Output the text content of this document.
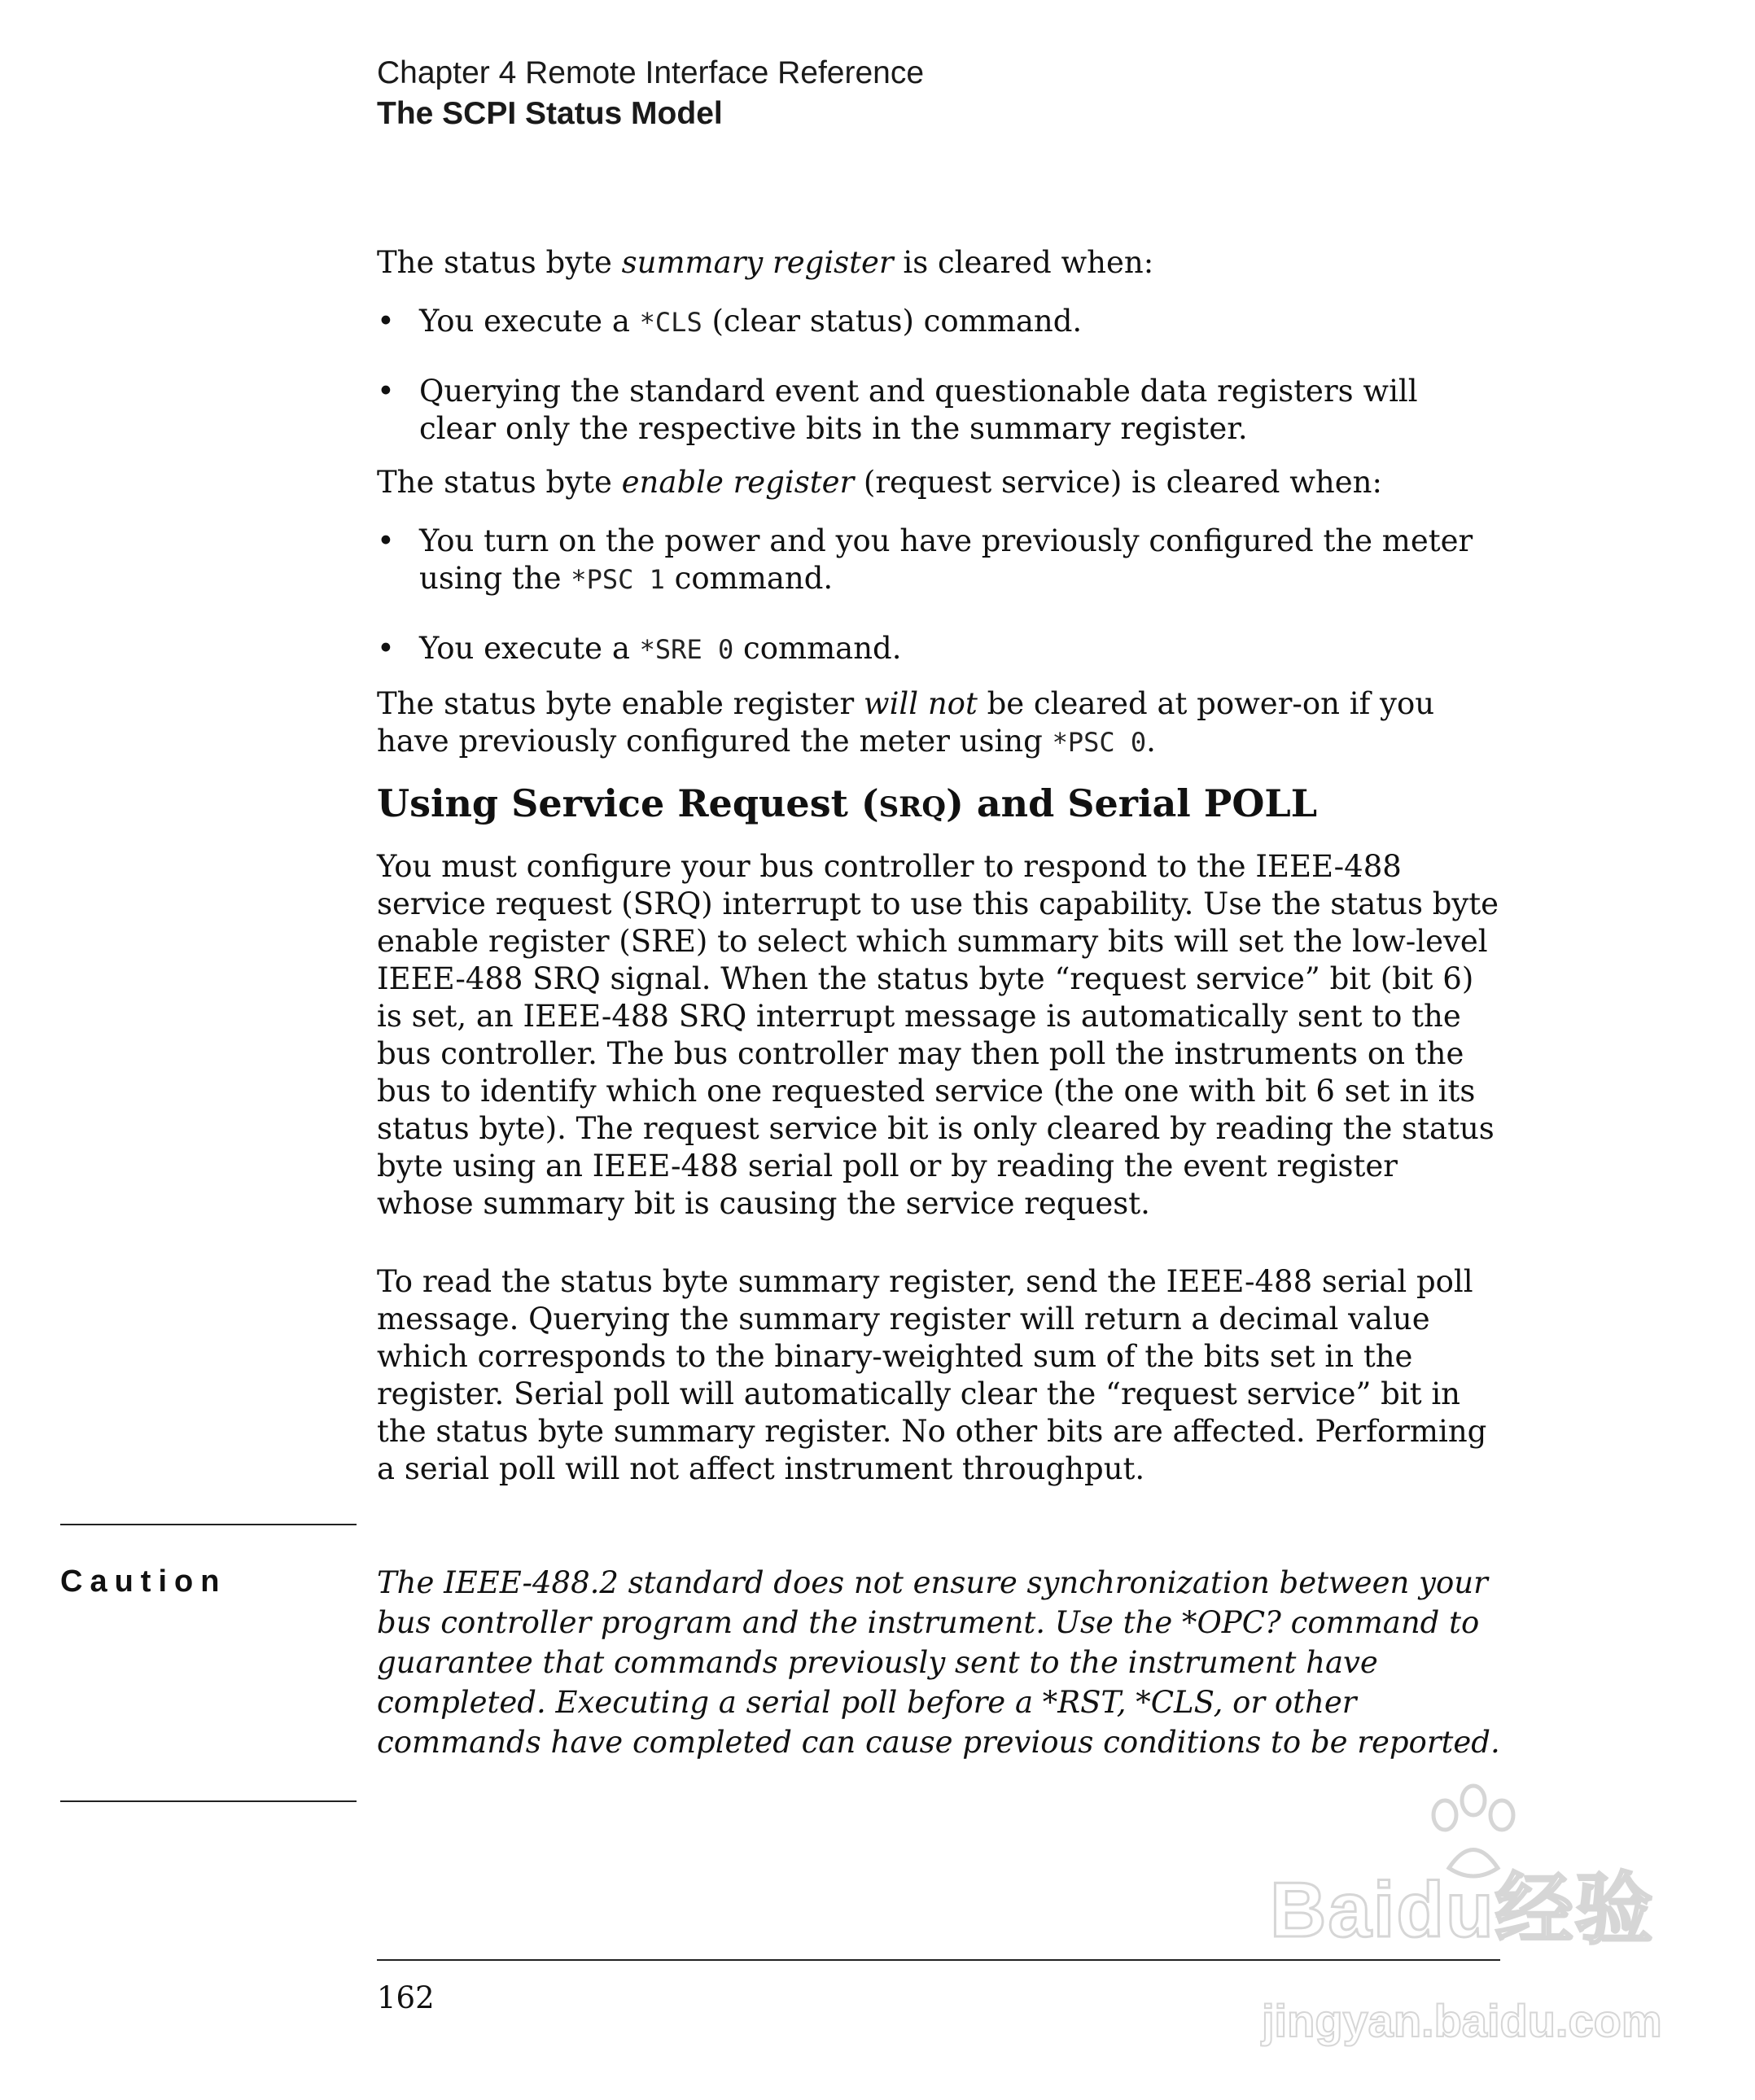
Chapter 4 Remote Interface Reference
The SCPI Status Model

The status byte summary register is cleared when:

• You execute a *CLS (clear status) command.
• Querying the standard event and questionable data registers will clear only the respective bits in the summary register.

The status byte enable register (request service) is cleared when:

• You turn on the power and you have previously configured the meter using the *PSC 1 command.
• You execute a *SRE 0 command.

The status byte enable register will not be cleared at power-on if you have previously configured the meter using *PSC 0.

Using Service Request (SRQ) and Serial POLL

You must configure your bus controller to respond to the IEEE-488 service request (SRQ) interrupt to use this capability. Use the status byte enable register (SRE) to select which summary bits will set the low-level IEEE-488 SRQ signal. When the status byte “request service” bit (bit 6) is set, an IEEE-488 SRQ interrupt message is automatically sent to the bus controller. The bus controller may then poll the instruments on the bus to identify which one requested service (the one with bit 6 set in its status byte). The request service bit is only cleared by reading the status byte using an IEEE-488 serial poll or by reading the event register whose summary bit is causing the service request.

To read the status byte summary register, send the IEEE-488 serial poll message. Querying the summary register will return a decimal value which corresponds to the binary-weighted sum of the bits set in the register. Serial poll will automatically clear the “request service” bit in the status byte summary register. No other bits are affected. Performing a serial poll will not affect instrument throughput.

Caution	The IEEE-488.2 standard does not ensure synchronization between your bus controller program and the instrument. Use the *OPC? command to guarantee that commands previously sent to the instrument have completed. Executing a serial poll before a *RST, *CLS, or other commands have completed can cause previous conditions to be reported.
162
Baidu经验
jingyan.baidu.com
